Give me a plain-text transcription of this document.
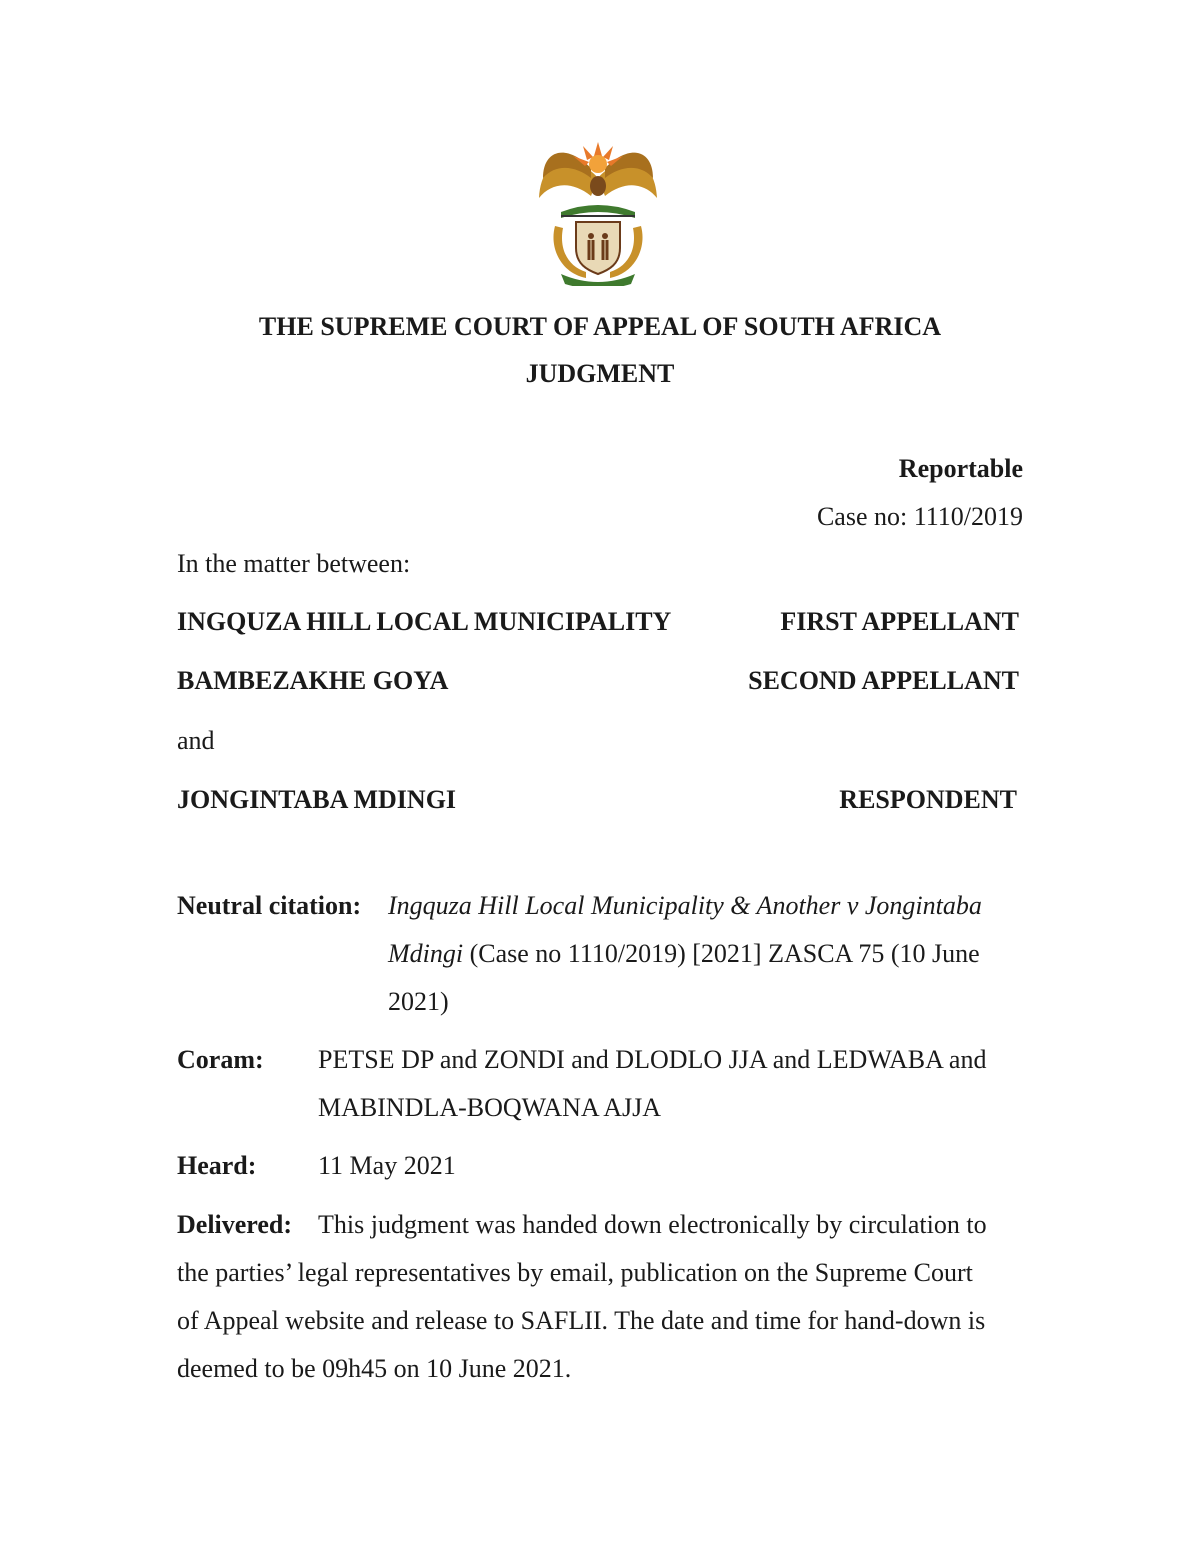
THE SUPREME COURT OF APPEAL OF SOUTH AFRICA
JUDGMENT
Reportable
Case no: 1110/2019
In the matter between:
INGQUZA HILL LOCAL MUNICIPALITY	FIRST APPELLANT
BAMBEZAKHE GOYA	SECOND APPELLANT
and
JONGINTABA MDINGI	RESPONDENT
Neutral citation: Ingquza Hill Local Municipality & Another v Jongintaba
Mdingi (Case no 1110/2019) [2021] ZASCA 75 (10 June
2021)
Coram: PETSE DP and ZONDI and DLODLO JJA and LEDWABA and
MABINDLA-BOQWANA AJJA
Heard: 11 May 2021
Delivered: This judgment was handed down electronically by circulation to
the parties’ legal representatives by email, publication on the Supreme Court
of Appeal website and release to SAFLII. The date and time for hand-down is
deemed to be 09h45 on 10 June 2021.
